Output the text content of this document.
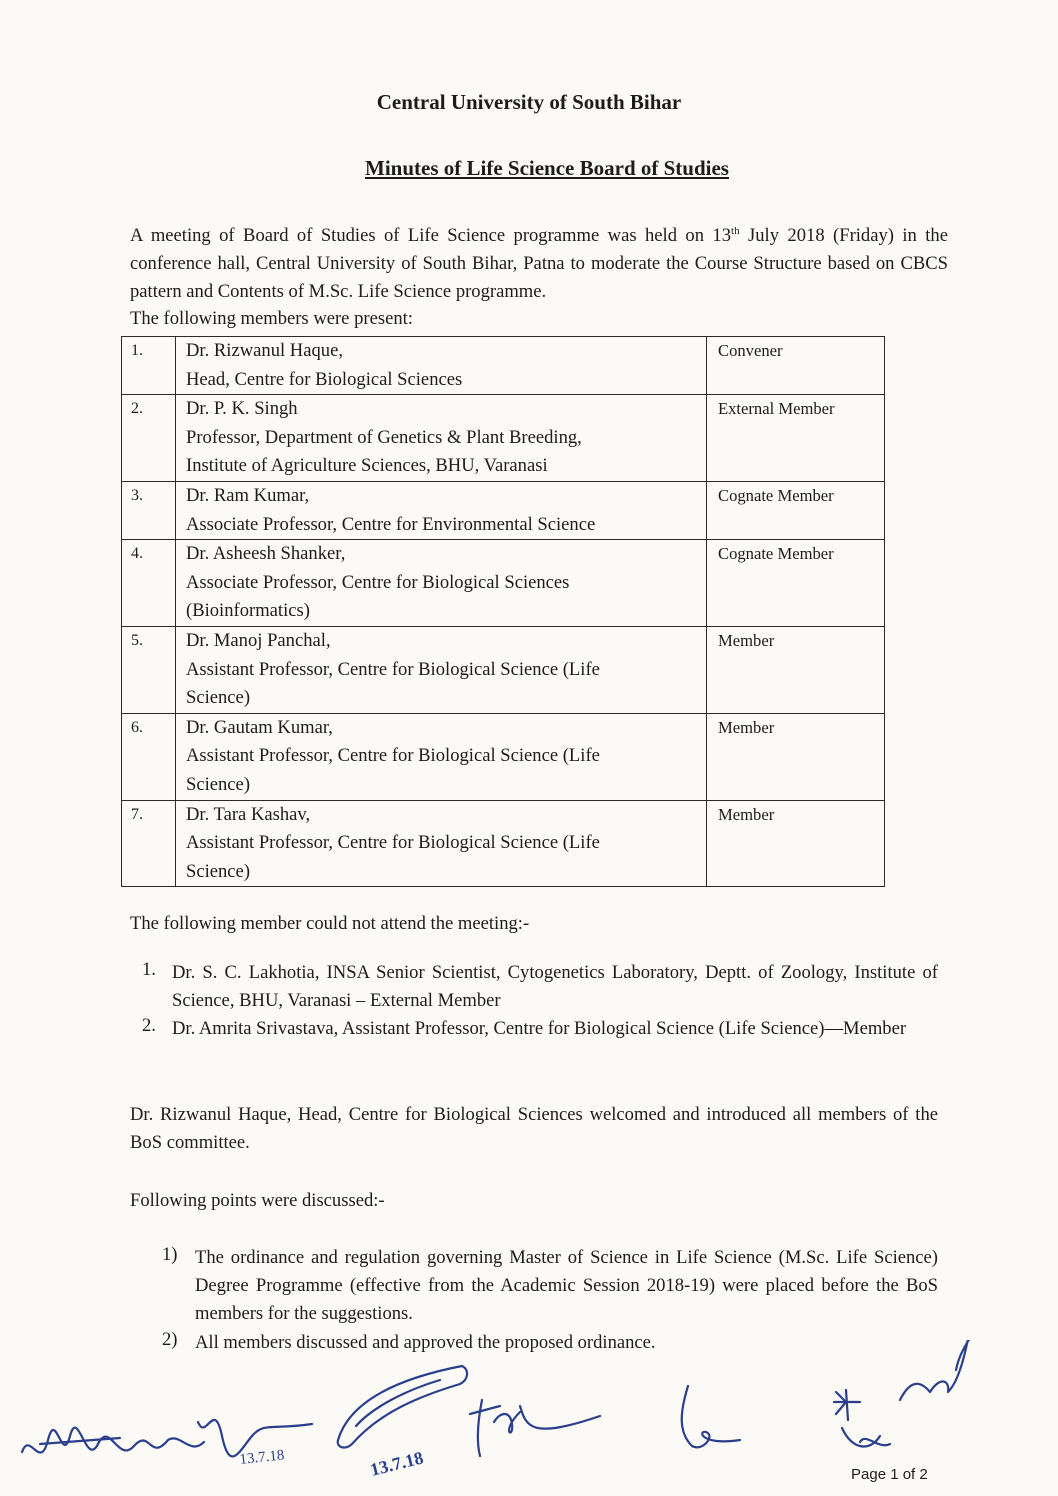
Central University of South Bihar
Minutes of Life Science Board of Studies
A meeting of Board of Studies of Life Science programme was held on 13th July 2018 (Friday) in the conference hall, Central University of South Bihar, Patna to moderate the Course Structure based on CBCS pattern and Contents of M.Sc. Life Science programme.
The following members were present:
1.	Dr. Rizwanul Haque,
Head, Centre for Biological Sciences	Convener
2.	Dr. P. K. Singh
Professor, Department of Genetics & Plant Breeding,
Institute of Agriculture Sciences, BHU, Varanasi	External Member
3.	Dr. Ram Kumar,
Associate Professor, Centre for Environmental Science	Cognate Member
4.	Dr. Asheesh Shanker,
Associate Professor, Centre for Biological Sciences
(Bioinformatics)	Cognate Member
5.	Dr. Manoj Panchal,
Assistant Professor, Centre for Biological Science (Life
Science)	Member
6.	Dr. Gautam Kumar,
Assistant Professor, Centre for Biological Science (Life
Science)	Member
7.	Dr. Tara Kashav,
Assistant Professor, Centre for Biological Science (Life
Science)	Member
The following member could not attend the meeting:-
1. Dr. S. C. Lakhotia, INSA Senior Scientist, Cytogenetics Laboratory, Deptt. of Zoology, Institute of Science, BHU, Varanasi – External Member
2. Dr. Amrita Srivastava, Assistant Professor, Centre for Biological Science (Life Science)—Member
Dr. Rizwanul Haque, Head, Centre for Biological Sciences welcomed and introduced all members of the BoS committee.
Following points were discussed:-
1) The ordinance and regulation governing Master of Science in Life Science (M.Sc. Life Science) Degree Programme (effective from the Academic Session 2018-19) were placed before the BoS members for the suggestions.
2) All members discussed and approved the proposed ordinance.
13.7.18	13.7.18	Page 1 of 2
